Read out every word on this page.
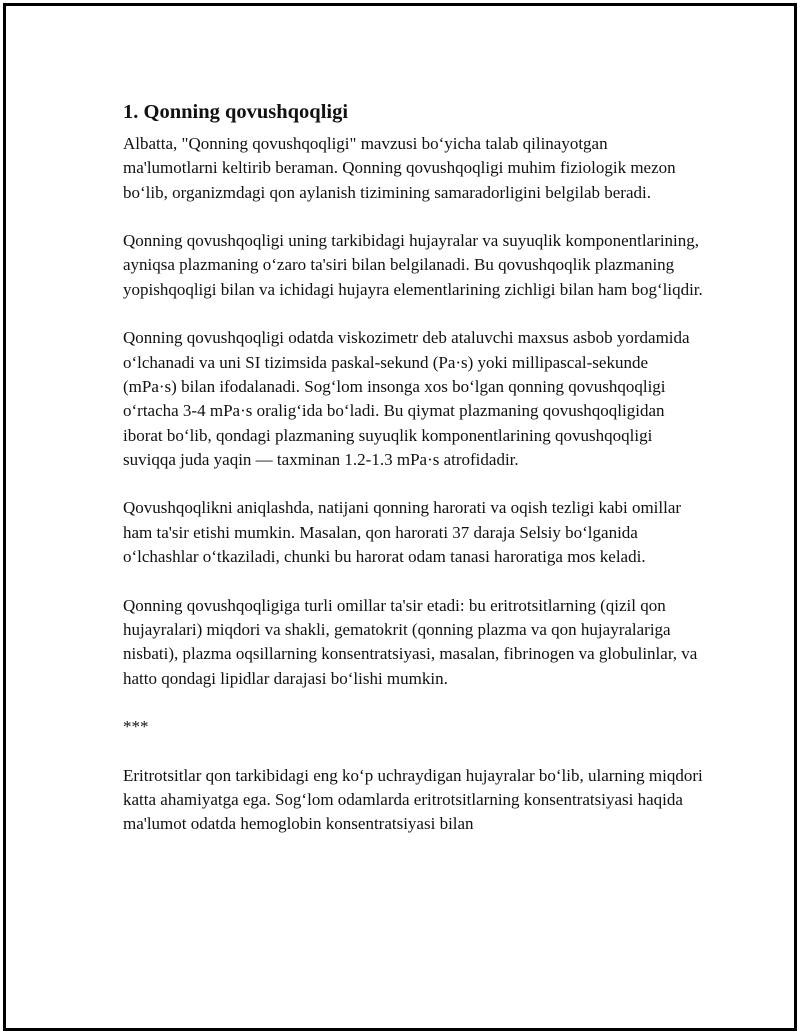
1. Qonning qovushqoqligi

Albatta, "Qonning qovushqoqligi" mavzusi boʻyicha talab qilinayotgan ma'lumotlarni keltirib beraman. Qonning qovushqoqligi muhim fiziologik mezon boʻlib, organizmdagi qon aylanish tizimining samaradorligini belgilab beradi.

Qonning qovushqoqligi uning tarkibidagi hujayralar va suyuqlik komponentlarining, ayniqsa plazmaning oʻzaro ta'siri bilan belgilanadi. Bu qovushqoqlik plazmaning yopishqoqligi bilan va ichidagi hujayra elementlarining zichligi bilan ham bogʻliqdir.

Qonning qovushqoqligi odatda viskozimetr deb ataluvchi maxsus asbob yordamida oʻlchanadi va uni SI tizimsida paskal-sekund (Pa·s) yoki millipascal-sekunde (mPa·s) bilan ifodalanadi. Sogʻlom insonga xos boʻlgan qonning qovushqoqligi oʻrtacha 3-4 mPa·s oraligʻida boʻladi. Bu qiymat plazmaning qovushqoqligidan iborat boʻlib, qondagi plazmaning suyuqlik komponentlarining qovushqoqligi suviqqa juda yaqin — taxminan 1.2-1.3 mPa·s atrofidadir.

Qovushqoqlikni aniqlashda, natijani qonning harorati va oqish tezligi kabi omillar ham ta'sir etishi mumkin. Masalan, qon harorati 37 daraja Selsiy boʻlganida oʻlchashlar oʻtkaziladi, chunki bu harorat odam tanasi haroratiga mos keladi.

Qonning qovushqoqligiga turli omillar ta'sir etadi: bu eritrotsitlarning (qizil qon hujayralari) miqdori va shakli, gematokrit (qonning plazma va qon hujayralariga nisbati), plazma oqsillarning konsentratsiyasi, masalan, fibrinogen va globulinlar, va hatto qondagi lipidlar darajasi boʻlishi mumkin.

***

Eritrotsitlar qon tarkibidagi eng koʻp uchraydigan hujayralar boʻlib, ularning miqdori katta ahamiyatga ega. Sogʻlom odamlarda eritrotsitlarning konsentratsiyasi haqida ma'lumot odatda hemoglobin konsentratsiyasi bilan
